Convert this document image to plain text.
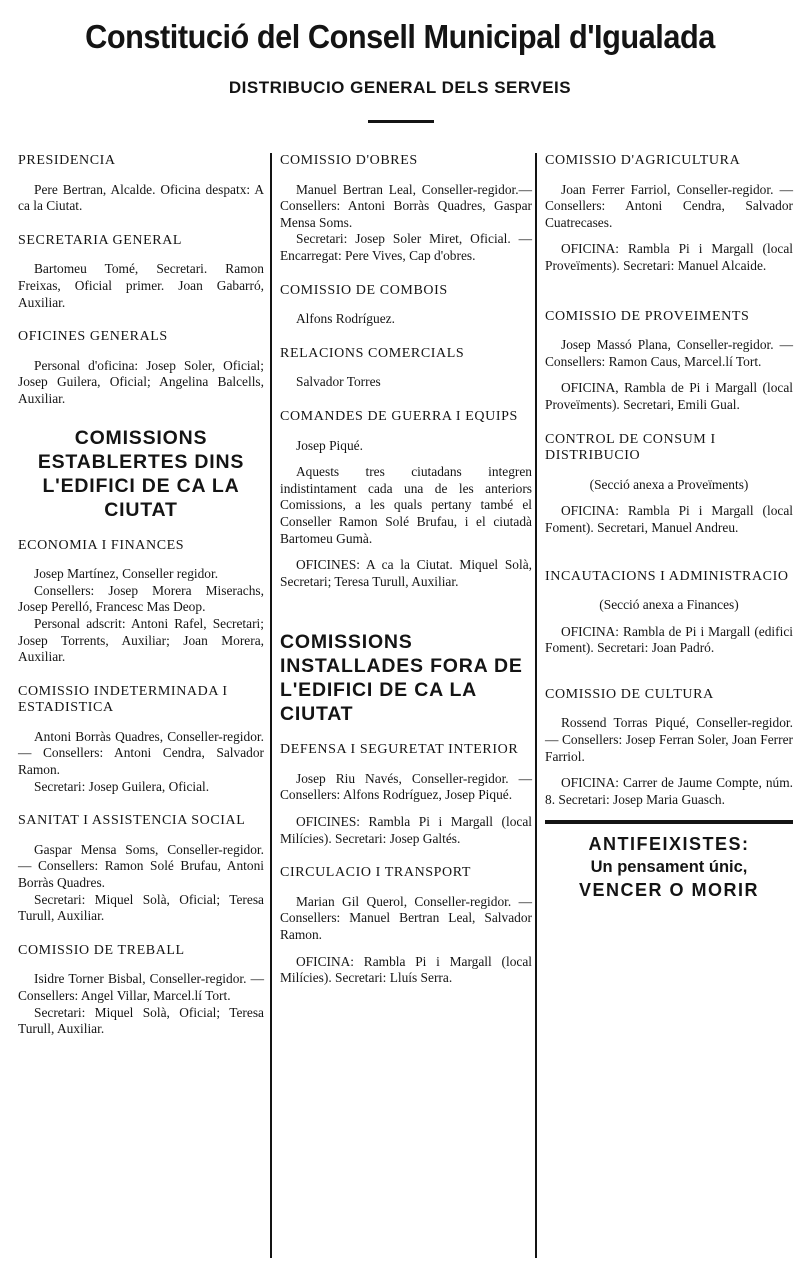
Constitució del Consell Municipal d'Igualada
DISTRIBUCIO GENERAL DELS SERVEIS
PRESIDENCIA

Pere Bertran, Alcalde. Oficina despatx: A ca la Ciutat.

SECRETARIA GENERAL

Bartomeu Tomé, Secretari. Ramon Freixas, Oficial primer. Joan Gabarró, Auxiliar.

OFICINES GENERALS

Personal d'oficina: Josep Soler, Oficial; Josep Guilera, Oficial; Angelina Balcells, Auxiliar.

COMISSIONS ESTABLERTES DINS L'EDIFICI DE CA LA CIUTAT
ECONOMIA I FINANCES

Josep Martínez, Conseller regidor.

Consellers: Josep Morera Miserachs, Josep Perelló, Francesc Mas Deop.

Personal adscrit: Antoni Rafel, Secretari; Josep Torrents, Auxiliar; Joan Morera, Auxiliar.

COMISSIO INDETERMINADA I ESTADISTICA

Antoni Borràs Quadres, Conseller-regidor. — Consellers: Antoni Cendra, Salvador Ramon.

Secretari: Josep Guilera, Oficial.

SANITAT I ASSISTENCIA SOCIAL

Gaspar Mensa Soms, Conseller-regidor. — Consellers: Ramon Solé Brufau, Antoni Borràs Quadres.

Secretari: Miquel Solà, Oficial; Teresa Turull, Auxiliar.

COMISSIO DE TREBALL

Isidre Torner Bisbal, Conseller-regidor. — Consellers: Angel Villar, Marcel.lí Tort.

Secretari: Miquel Solà, Oficial; Teresa Turull, Auxiliar.

COMISSIO D'OBRES

Manuel Bertran Leal, Conseller-regidor.—Consellers: Antoni Borràs Quadres, Gaspar Mensa Soms.

Secretari: Josep Soler Miret, Oficial. — Encarregat: Pere Vives, Cap d'obres.

COMISSIO DE COMBOIS

Alfons Rodríguez.

RELACIONS COMERCIALS

Salvador Torres

COMANDES DE GUERRA I EQUIPS

Josep Piqué.

Aquests tres ciutadans integren indistintament cada una de les anteriors Comissions, a les quals pertany també el Conseller Ramon Solé Brufau, i el ciutadà Bartomeu Gumà.

OFICINES: A ca la Ciutat. Miquel Solà, Secretari; Teresa Turull, Auxiliar.

COMISSIONS INSTALLADES FORA DE L'EDIFICI DE CA LA CIUTAT
DEFENSA I SEGURETAT INTERIOR

Josep Riu Navés, Conseller-regidor. — Consellers: Alfons Rodríguez, Josep Piqué.

OFICINES: Rambla Pi i Margall (local Milícies). Secretari: Josep Galtés.

CIRCULACIO I TRANSPORT

Marian Gil Querol, Conseller-regidor. — Consellers: Manuel Bertran Leal, Salvador Ramon.

OFICINA: Rambla Pi i Margall (local Milícies). Secretari: Lluís Serra.

COMISSIO D'AGRICULTURA

Joan Ferrer Farriol, Conseller-regidor. — Consellers: Antoni Cendra, Salvador Cuatrecases.

OFICINA: Rambla Pi i Margall (local Proveïments). Secretari: Manuel Alcaide.

COMISSIO DE PROVEIMENTS

Josep Massó Plana, Conseller-regidor. — Consellers: Ramon Caus, Marcel.lí Tort.

OFICINA, Rambla de Pi i Margall (local Proveïments). Secretari, Emili Gual.

CONTROL DE CONSUM I DISTRIBUCIO

(Secció anexa a Proveïments)

OFICINA: Rambla Pi i Margall (local Foment). Secretari, Manuel Andreu.

INCAUTACIONS I ADMINISTRACIO

(Secció anexa a Finances)

OFICINA: Rambla de Pi i Margall (edifici Foment). Secretari: Joan Padró.

COMISSIO DE CULTURA

Rossend Torras Piqué, Conseller-regidor. — Consellers: Josep Ferran Soler, Joan Ferrer Farriol.

OFICINA: Carrer de Jaume Compte, núm. 8. Secretari: Josep Maria Guasch.

ANTIFEIXISTES:
Un pensament únic,
VENCER O MORIR
